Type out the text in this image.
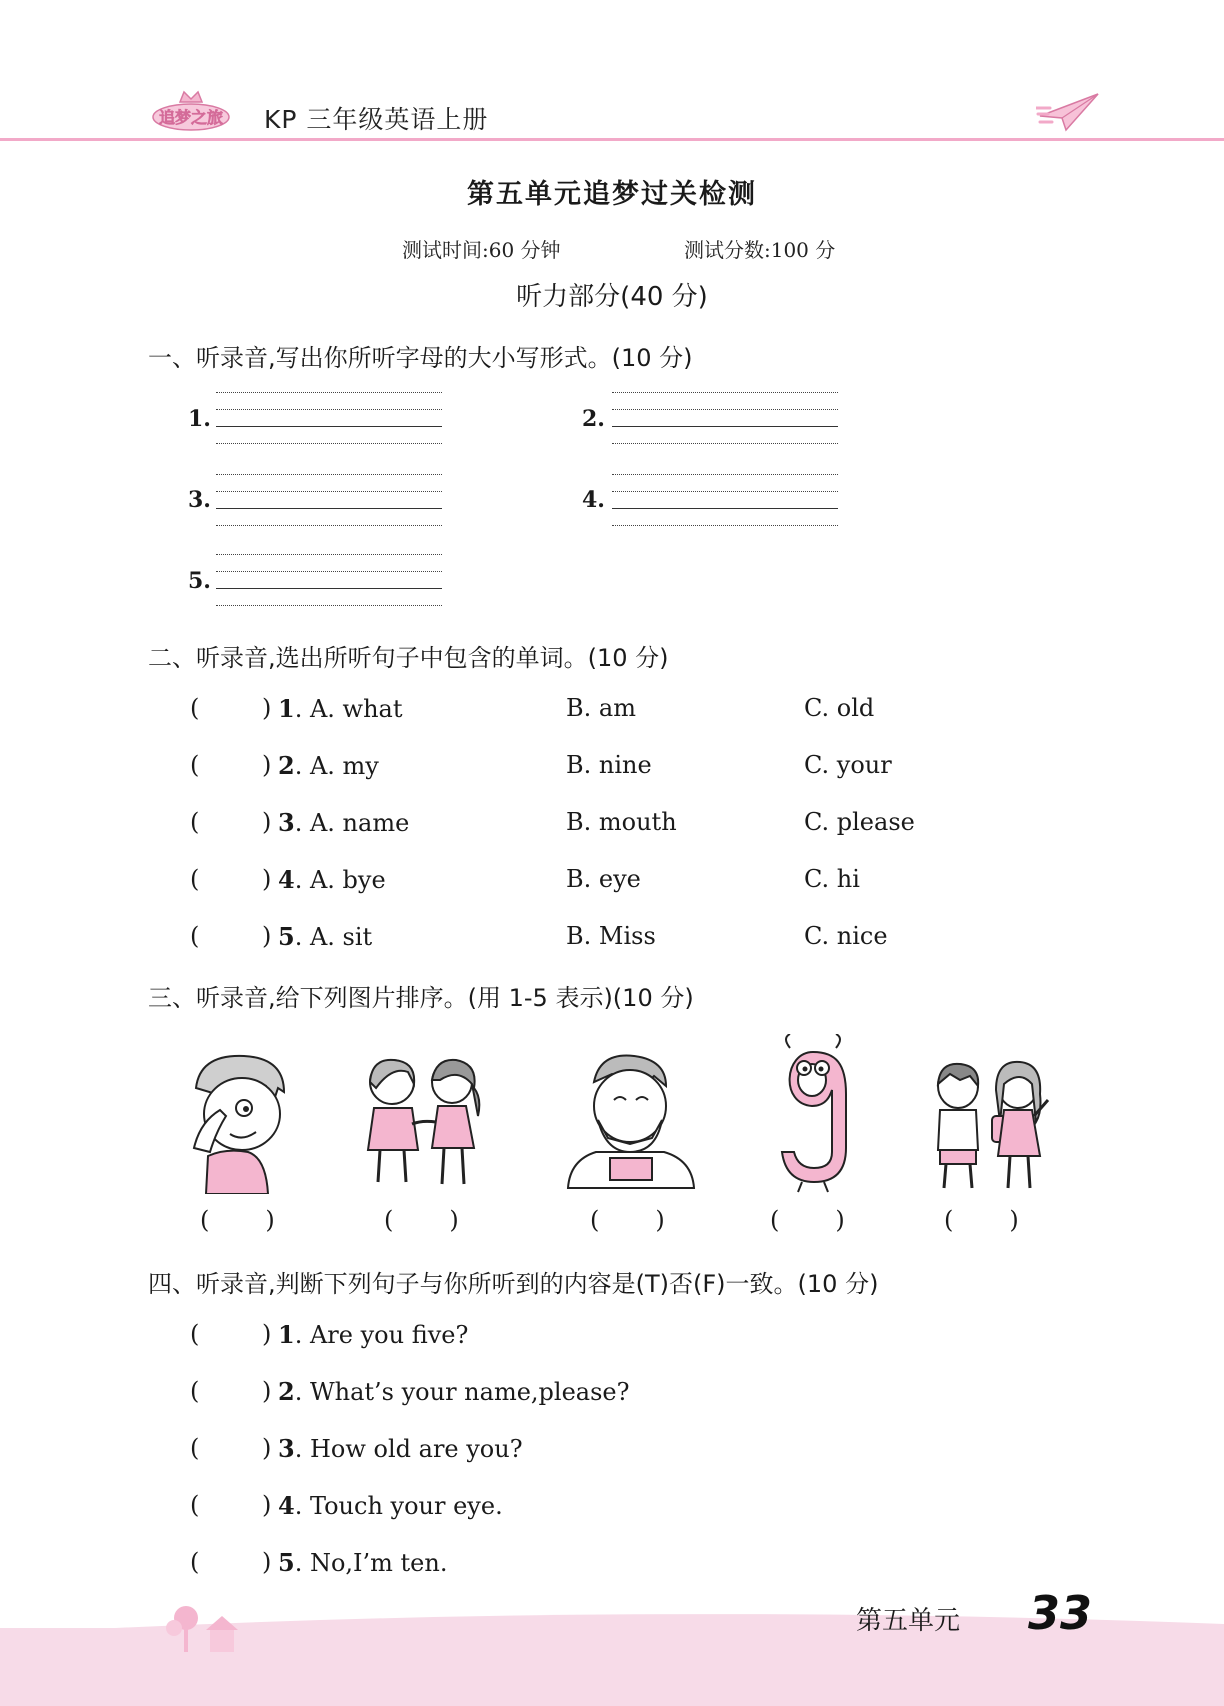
追梦之旅 KP 三年级英语上册
第五单元追梦过关检测
测试时间:60 分钟	测试分数:100 分
听力部分(40 分)
一、听录音,写出你所听字母的大小写形式。(10 分)
1.	2.
3.	4.
5.
二、听录音,选出所听句子中包含的单词。(10 分)
(	) 1. A. what	B. am	C. old
(	) 2. A. my	B. nine	C. your
(	) 3. A. name	B. mouth	C. please
(	) 4. A. bye	B. eye	C. hi
(	) 5. A. sit	B. Miss	C. nice
三、听录音,给下列图片排序。(用 1-5 表示)(10 分)
( )	( )	( )	( )	( )
四、听录音,判断下列句子与你所听到的内容是(T)否(F)一致。(10 分)
(	) 1. Are you five?
(	) 2. What’s your name,please?
(	) 3. How old are you?
(	) 4. Touch your eye.
(	) 5. No,I’m ten.
第五单元 33
